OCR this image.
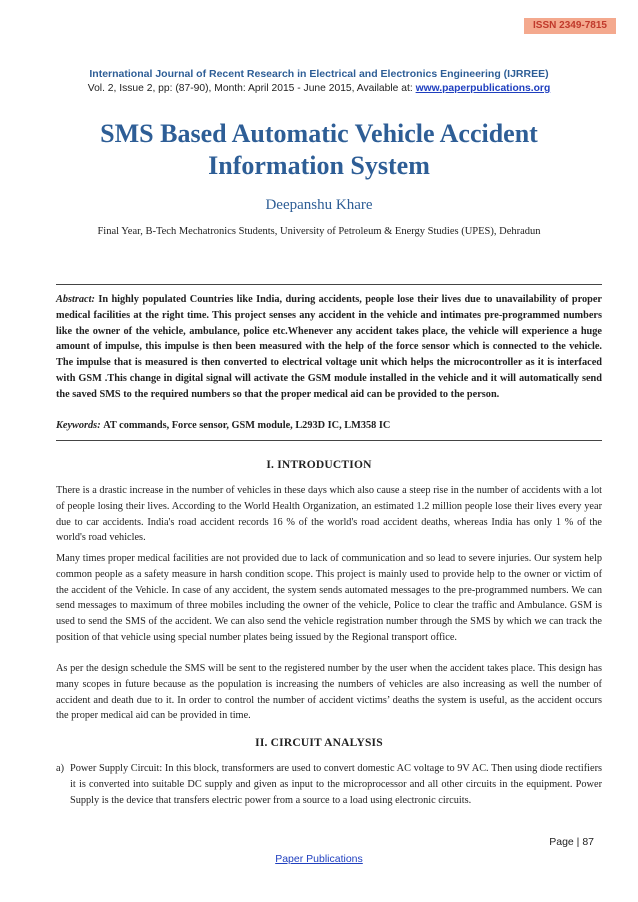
ISSN 2349-7815
International Journal of Recent Research in Electrical and Electronics Engineering (IJRREE)
Vol. 2, Issue 2, pp: (87-90), Month: April 2015 - June 2015, Available at: www.paperpublications.org
SMS Based Automatic Vehicle Accident Information System
Deepanshu Khare
Final Year, B-Tech Mechatronics Students, University of Petroleum & Energy Studies (UPES), Dehradun
Abstract: In highly populated Countries like India, during accidents, people lose their lives due to unavailability of proper medical facilities at the right time. This project senses any accident in the vehicle and intimates pre-programmed numbers like the owner of the vehicle, ambulance, police etc.Whenever any accident takes place, the vehicle will experience a huge amount of impulse, this impulse is then been measured with the help of the force sensor which is connected to the vehicle. The impulse that is measured is then converted to electrical voltage unit which helps the microcontroller as it is interfaced with GSM .This change in digital signal will activate the GSM module installed in the vehicle and it will automatically send the saved SMS to the required numbers so that the proper medical aid can be provided to the person.
Keywords: AT commands, Force sensor, GSM module, L293D IC, LM358 IC
I. INTRODUCTION
There is a drastic increase in the number of vehicles in these days which also cause a steep rise in the number of accidents with a lot of people losing their lives. According to the World Health Organization, an estimated 1.2 million people lose their lives every year due to car accidents. India's road accident records 16 % of the world's road accident deaths, whereas India has only 1 % of the world's road vehicles.
Many times proper medical facilities are not provided due to lack of communication and so lead to severe injuries. Our system help common people as a safety measure in harsh condition scope. This project is mainly used to provide help to the owner or victim of the accident of the Vehicle. In case of any accident, the system sends automated messages to the pre-programmed numbers. We can send messages to maximum of three mobiles including the owner of the vehicle, Police to clear the traffic and Ambulance. GSM is used to send the SMS of the accident. We can also send the vehicle registration number through the SMS by which we can track the position of that vehicle using special number plates being issued by the Regional transport office.
As per the design schedule the SMS will be sent to the registered number by the user when the accident takes place. This design has many scopes in future because as the population is increasing the numbers of vehicles are also increasing as well the number of accident and death due to it. In order to control the number of accident victims’ deaths the system is useful, as the accident occurs the proper medical aid can be provided in time.
II. CIRCUIT ANALYSIS
a) Power Supply Circuit: In this block, transformers are used to convert domestic AC voltage to 9V AC. Then using diode rectifiers it is converted into suitable DC supply and given as input to the microprocessor and all other circuits in the equipment. Power Supply is the device that transfers electric power from a source to a load using electronic circuits.
Page | 87
Paper Publications
